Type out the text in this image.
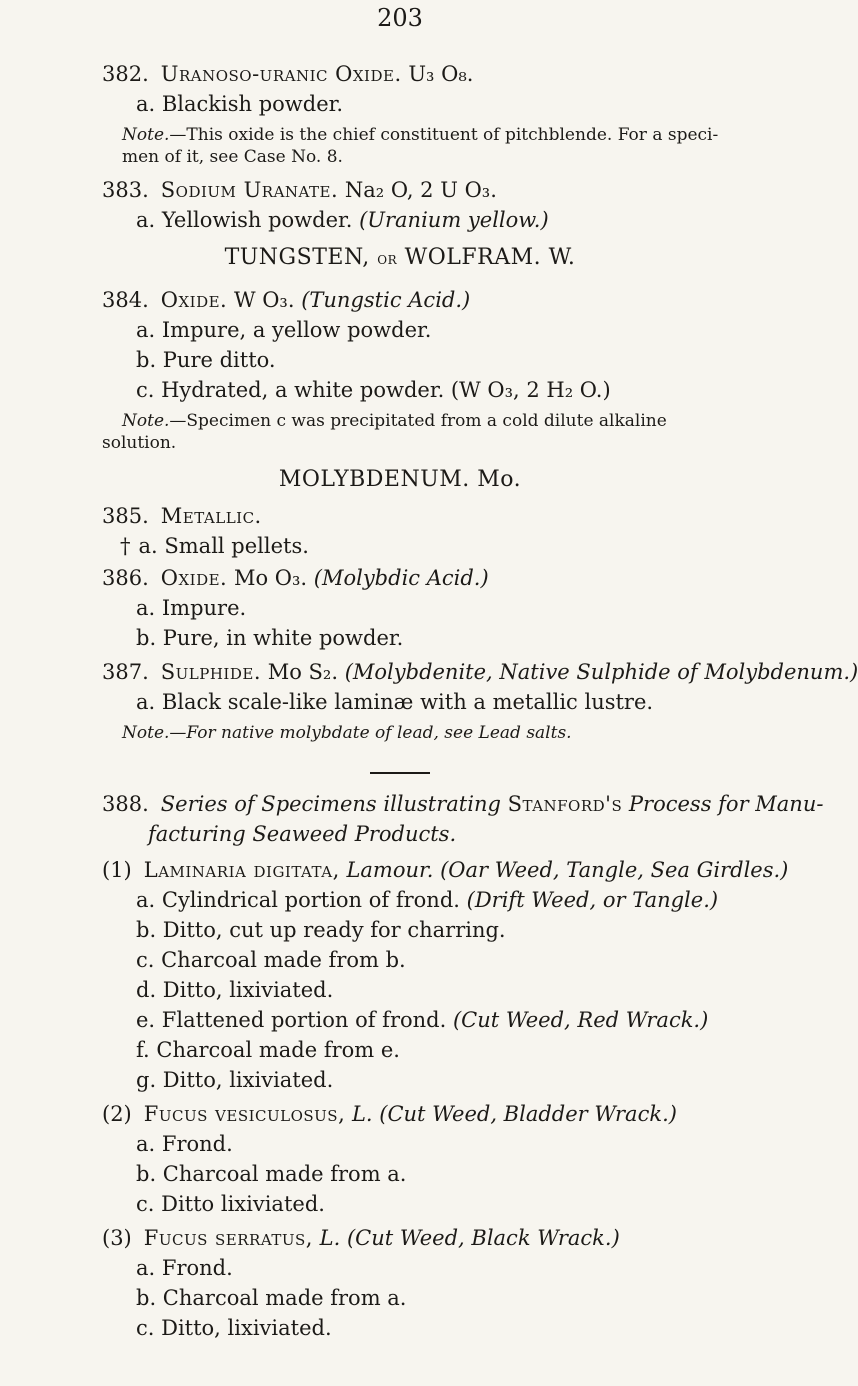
203
382. Uranoso-uranic Oxide. U₃ O₈.
a. Blackish powder.
Note.—This oxide is the chief constituent of pitchblende. For a speci-
men of it, see Case No. 8.
383. Sodium Uranate. Na₂ O, 2 U O₃.
a. Yellowish powder. (Uranium yellow.)
TUNGSTEN, or WOLFRAM. W.
384. Oxide. W O₃. (Tungstic Acid.)
a. Impure, a yellow powder.
b. Pure ditto.
c. Hydrated, a white powder. (W O₃, 2 H₂ O.)
Note.—Specimen c was precipitated from a cold dilute alkaline
solution.
MOLYBDENUM. Mo.
385. Metallic.
† a. Small pellets.
386. Oxide. Mo O₃. (Molybdic Acid.)
a. Impure.
b. Pure, in white powder.
387. Sulphide. Mo S₂. (Molybdenite, Native Sulphide of Molybdenum.)
a. Black scale-like laminæ with a metallic lustre.
Note.—For native molybdate of lead, see Lead salts.
388. Series of Specimens illustrating Stanford's Process for Manu-
facturing Seaweed Products.
(1) Laminaria digitata, Lamour. (Oar Weed, Tangle, Sea Girdles.)
a. Cylindrical portion of frond. (Drift Weed, or Tangle.)
b. Ditto, cut up ready for charring.
c. Charcoal made from b.
d. Ditto, lixiviated.
e. Flattened portion of frond. (Cut Weed, Red Wrack.)
f. Charcoal made from e.
g. Ditto, lixiviated.
(2) Fucus vesiculosus, L. (Cut Weed, Bladder Wrack.)
a. Frond.
b. Charcoal made from a.
c. Ditto lixiviated.
(3) Fucus serratus, L. (Cut Weed, Black Wrack.)
a. Frond.
b. Charcoal made from a.
c. Ditto, lixiviated.
